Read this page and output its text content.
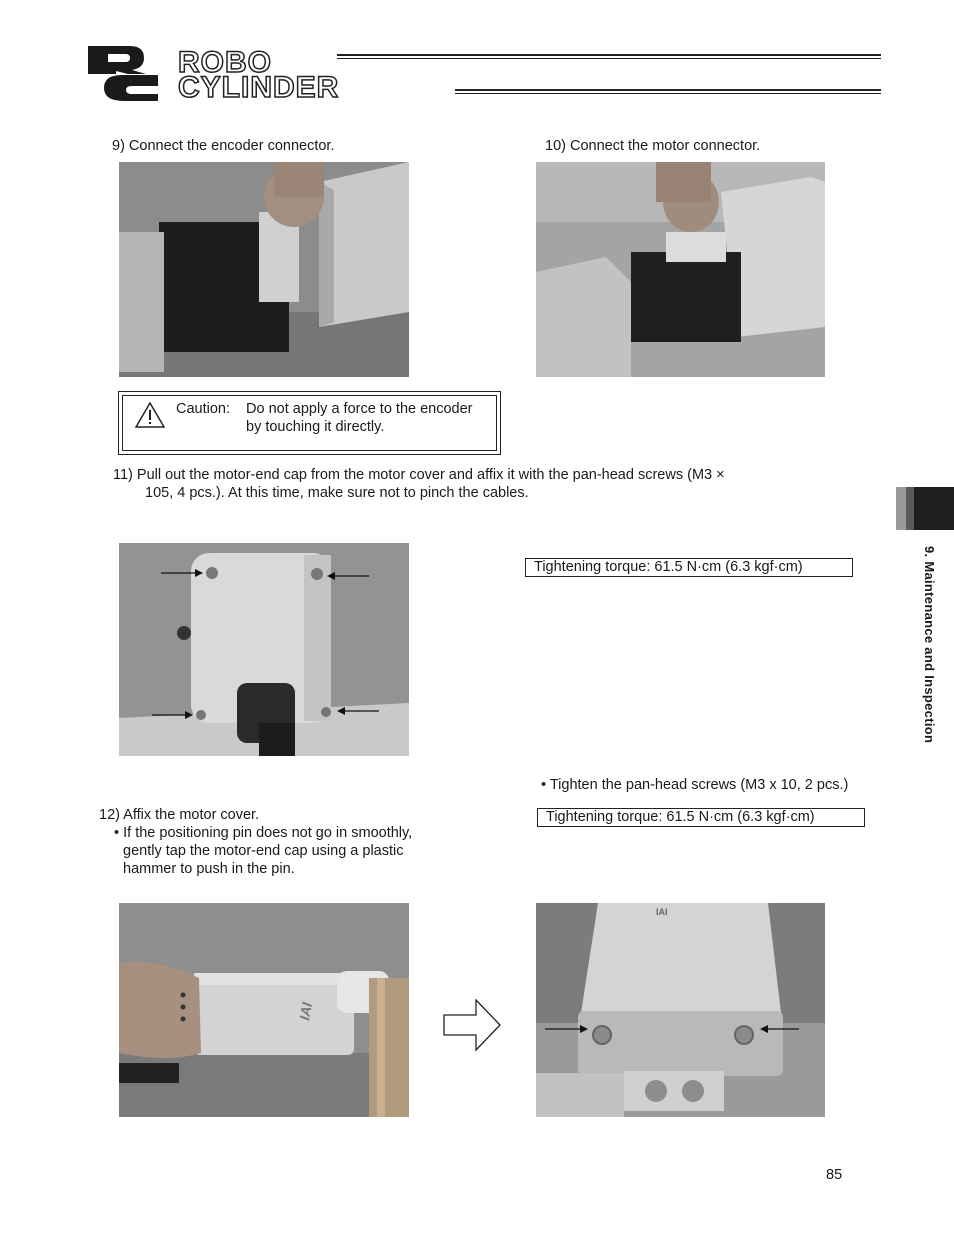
ROBO
CYLINDER
9. Maintenance and Inspection
9) Connect the encoder connector.	10) Connect the motor connector.
Caution: Do not apply a force to the encoder
by touching it directly.
11) Pull out the motor-end cap from the motor cover and affix it with the pan-head screws (M3 ×
105, 4 pcs.). At this time, make sure not to pinch the cables.
Tightening torque: 61.5 N·cm (6.3 kgf·cm)
• Tighten the pan-head screws (M3 x 10, 2 pcs.)
Tightening torque: 61.5 N·cm (6.3 kgf·cm)
12) Affix the motor cover.
• If the positioning pin does not go in smoothly,
gently tap the motor-end cap using a plastic
hammer to push in the pin.
IAI
IAI
85
